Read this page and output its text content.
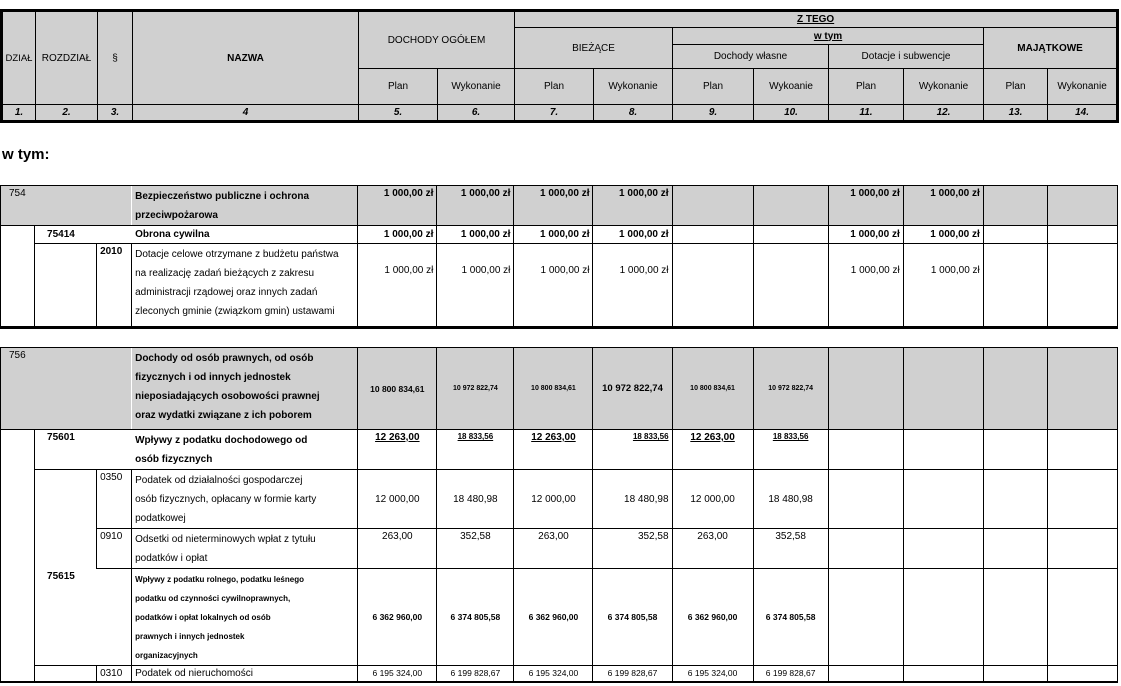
DZIAŁ	ROZDZIAŁ	§	NAZWA	DOCHODY OGÓŁEM		Z TEGO							
						BIEŻĄCE		w tym				MAJĄTKOWE	
								Dochody własne		Dotacje i subwencje			
				Plan	Wykonanie	Plan	Wykonanie	Plan	Wykoanie	Plan	Wykonanie	Plan	Wykonanie
1.	2.	3.	4	5.	6.	7.	8.	9.	10.	11.	12.	13.	14.
w tym:
754			Bezpieczeństwo publiczne i ochrona
przeciwpożarowa	1 000,00 zł	1 000,00 zł	1 000,00 zł	1 000,00 zł			1 000,00 zł	1 000,00 zł		
	75414		Obrona cywilna	1 000,00 zł	1 000,00 zł	1 000,00 zł	1 000,00 zł			1 000,00 zł	1 000,00 zł		
		2010	Dotacje celowe otrzymane z budżetu państwa
na realizację zadań bieżących z zakresu
administracji rządowej oraz innych zadań
zleconych gminie (związkom gmin) ustawami	1 000,00 zł	1 000,00 zł	1 000,00 zł	1 000,00 zł			1 000,00 zł	1 000,00 zł		
756			Dochody od osób prawnych, od osób
fizycznych i od innych jednostek
nieposiadających osobowości prawnej
oraz wydatki związane z ich poborem	10 800 834,61	10 972 822,74	10 800 834,61	10 972 822,74	10 800 834,61	10 972 822,74				
	75601		Wpływy z podatku dochodowego od
osób fizycznych	12 263,00	18 833,56	12 263,00	18 833,56	12 263,00	18 833,56				
		0350	Podatek od działalności gospodarczej
osób fizycznych, opłacany w formie karty
podatkowej	12 000,00	18 480,98	12 000,00	18 480,98	12 000,00	18 480,98				
		0910	Odsetki od nieterminowych wpłat z tytułu
podatków i opłat	263,00	352,58	263,00	352,58	263,00	352,58				
	75615		Wpływy z podatku rolnego, podatku leśnego
podatku od czynności cywilnoprawnych,
podatków i opłat lokalnych od osób
prawnych i innych jednostek
organizacyjnych	6 362 960,00	6 374 805,58	6 362 960,00	6 374 805,58	6 362 960,00	6 374 805,58				
		0310	Podatek od nieruchomości	6 195 324,00	6 199 828,67	6 195 324,00	6 199 828,67	6 195 324,00	6 199 828,67				
